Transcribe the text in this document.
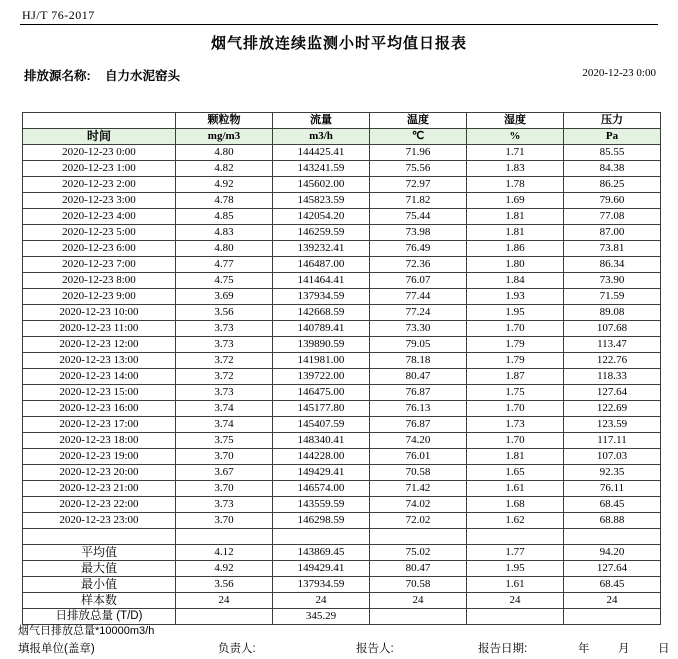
HJ/T 76-2017
烟气排放连续监测小时平均值日报表
排放源名称: 自力水泥窑头	2020-12-23 0:00
	颗粒物	流量	温度	湿度	压力
时间	mg/m3	m3/h	℃	%	Pa
2020-12-23 0:00	4.80	144425.41	71.96	1.71	85.55
2020-12-23 1:00	4.82	143241.59	75.56	1.83	84.38
2020-12-23 2:00	4.92	145602.00	72.97	1.78	86.25
2020-12-23 3:00	4.78	145823.59	71.82	1.69	79.60
2020-12-23 4:00	4.85	142054.20	75.44	1.81	77.08
2020-12-23 5:00	4.83	146259.59	73.98	1.81	87.00
2020-12-23 6:00	4.80	139232.41	76.49	1.86	73.81
2020-12-23 7:00	4.77	146487.00	72.36	1.80	86.34
2020-12-23 8:00	4.75	141464.41	76.07	1.84	73.90
2020-12-23 9:00	3.69	137934.59	77.44	1.93	71.59
2020-12-23 10:00	3.56	142668.59	77.24	1.95	89.08
2020-12-23 11:00	3.73	140789.41	73.30	1.70	107.68
2020-12-23 12:00	3.73	139890.59	79.05	1.79	113.47
2020-12-23 13:00	3.72	141981.00	78.18	1.79	122.76
2020-12-23 14:00	3.72	139722.00	80.47	1.87	118.33
2020-12-23 15:00	3.73	146475.00	76.87	1.75	127.64
2020-12-23 16:00	3.74	145177.80	76.13	1.70	122.69
2020-12-23 17:00	3.74	145407.59	76.87	1.73	123.59
2020-12-23 18:00	3.75	148340.41	74.20	1.70	117.11
2020-12-23 19:00	3.70	144228.00	76.01	1.81	107.03
2020-12-23 20:00	3.67	149429.41	70.58	1.65	92.35
2020-12-23 21:00	3.70	146574.00	71.42	1.61	76.11
2020-12-23 22:00	3.73	143559.59	74.02	1.68	68.45
2020-12-23 23:00	3.70	146298.59	72.02	1.62	68.88

平均值	4.12	143869.45	75.02	1.77	94.20
最大值	4.92	149429.41	80.47	1.95	127.64
最小值	3.56	137934.59	70.58	1.61	68.45
样本数	24	24	24	24	24
日排放总量 (T/D)		345.29			
烟气日排放总量*10000m3/h
填报单位(盖章)	负责人:	报告人:	报告日期:	年 月 日
